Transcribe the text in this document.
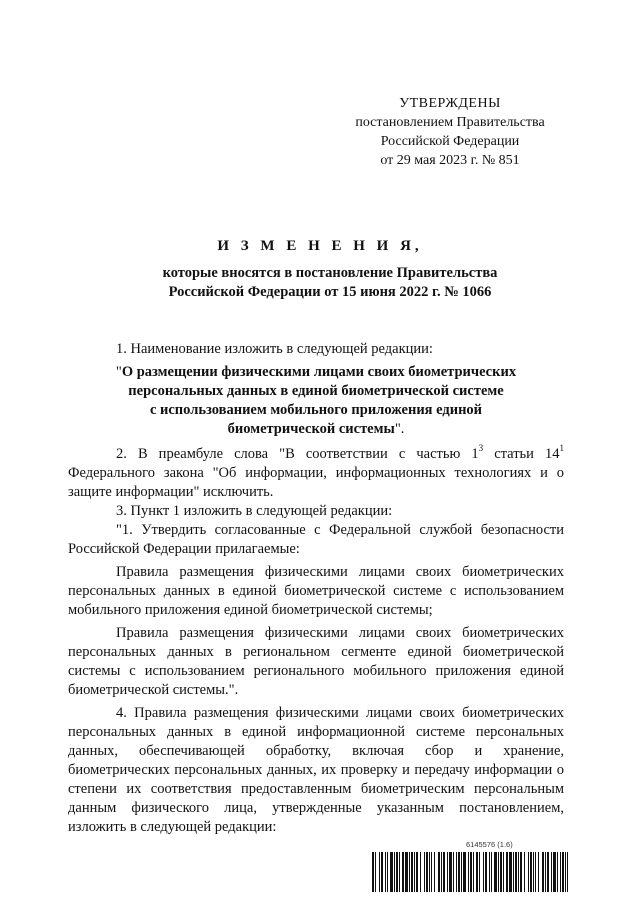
УТВЕРЖДЕНЫ
постановлением Правительства
Российской Федерации
от 29 мая 2023 г. № 851
И З М Е Н Е Н И Я,
которые вносятся в постановление Правительства
Российской Федерации от 15 июня 2022 г. № 1066

1. Наименование изложить в следующей редакции:

"О размещении физическими лицами своих биометрических
персональных данных в единой биометрической системе
с использованием мобильного приложения единой
биометрической системы".

2. В преамбуле слова "В соответствии с частью $1^3$ статьи $14^1$ Федерального закона "Об информации, информационных технологиях и о защите информации" исключить.

3. Пункт 1 изложить в следующей редакции:

"1. Утвердить согласованные с Федеральной службой безопасности Российской Федерации прилагаемые:

Правила размещения физическими лицами своих биометрических персональных данных в единой биометрической системе с использованием мобильного приложения единой биометрической системы;

Правила размещения физическими лицами своих биометрических персональных данных в региональном сегменте единой биометрической системы с использованием регионального мобильного приложения единой биометрической системы.".

4. Правила размещения физическими лицами своих биометрических персональных данных в единой информационной системе персональных данных, обеспечивающей обработку, включая сбор и хранение, биометрических персональных данных, их проверку и передачу информации о степени их соответствия предоставленным биометрическим персональным данным физического лица, утвержденные указанным постановлением, изложить в следующей редакции:

6145576 (1.6)
